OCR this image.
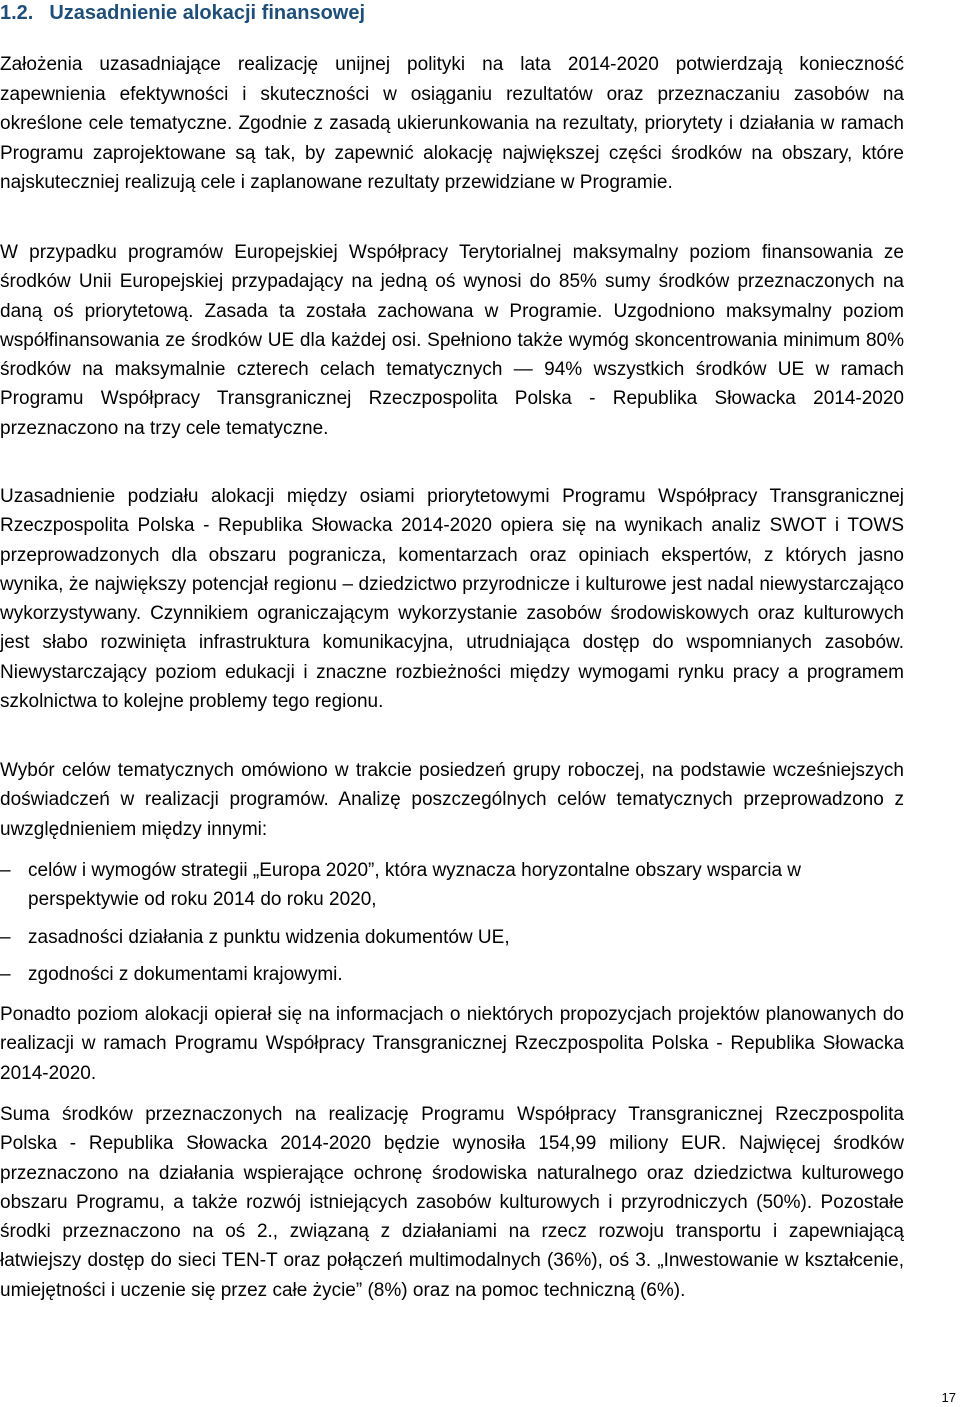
1.2. Uzasadnienie alokacji finansowej
Założenia uzasadniające realizację unijnej polityki na lata 2014-2020 potwierdzają konieczność zapewnienia efektywności i skuteczności w osiąganiu rezultatów oraz przeznaczaniu zasobów na określone cele tematyczne. Zgodnie z zasadą ukierunkowania na rezultaty, priorytety i działania w ramach Programu zaprojektowane są tak, by zapewnić alokację największej części środków na obszary, które najskuteczniej realizują cele i zaplanowane rezultaty przewidziane w Programie.
W przypadku programów Europejskiej Współpracy Terytorialnej maksymalny poziom finansowania ze środków Unii Europejskiej przypadający na jedną oś wynosi do 85% sumy środków przeznaczonych na daną oś priorytetową. Zasada ta została zachowana w Programie. Uzgodniono maksymalny poziom współfinansowania ze środków UE dla każdej osi. Spełniono także wymóg skoncentrowania minimum 80% środków na maksymalnie czterech celach tematycznych — 94% wszystkich środków UE w ramach Programu Współpracy Transgranicznej Rzeczpospolita Polska - Republika Słowacka 2014-2020 przeznaczono na trzy cele tematyczne.
Uzasadnienie podziału alokacji między osiami priorytetowymi Programu Współpracy Transgranicznej Rzeczpospolita Polska - Republika Słowacka 2014-2020 opiera się na wynikach analiz SWOT i TOWS przeprowadzonych dla obszaru pogranicza, komentarzach oraz opiniach ekspertów, z których jasno wynika, że największy potencjał regionu – dziedzictwo przyrodnicze i kulturowe jest nadal niewystarczająco wykorzystywany. Czynnikiem ograniczającym wykorzystanie zasobów środowiskowych oraz kulturowych jest słabo rozwinięta infrastruktura komunikacyjna, utrudniająca dostęp do wspomnianych zasobów. Niewystarczający poziom edukacji i znaczne rozbieżności między wymogami rynku pracy a programem szkolnictwa to kolejne problemy tego regionu.
Wybór celów tematycznych omówiono w trakcie posiedzeń grupy roboczej, na podstawie wcześniejszych doświadczeń w realizacji programów. Analizę poszczególnych celów tematycznych przeprowadzono z uwzględnieniem między innymi:
– celów i wymogów strategii „Europa 2020”, która wyznacza horyzontalne obszary wsparcia w perspektywie od roku 2014 do roku 2020,
– zasadności działania z punktu widzenia dokumentów UE,
– zgodności z dokumentami krajowymi.
Ponadto poziom alokacji opierał się na informacjach o niektórych propozycjach projektów planowanych do realizacji w ramach Programu Współpracy Transgranicznej Rzeczpospolita Polska - Republika Słowacka 2014-2020.
Suma środków przeznaczonych na realizację Programu Współpracy Transgranicznej Rzeczpospolita Polska - Republika Słowacka 2014-2020 będzie wynosiła 154,99 miliony EUR. Najwięcej środków przeznaczono na działania wspierające ochronę środowiska naturalnego oraz dziedzictwa kulturowego obszaru Programu, a także rozwój istniejących zasobów kulturowych i przyrodniczych (50%). Pozostałe środki przeznaczono na oś 2., związaną z działaniami na rzecz rozwoju transportu i zapewniającą łatwiejszy dostęp do sieci TEN-T oraz połączeń multimodalnych (36%), oś 3. „Inwestowanie w kształcenie, umiejętności i uczenie się przez całe życie” (8%) oraz na pomoc techniczną (6%).
17
